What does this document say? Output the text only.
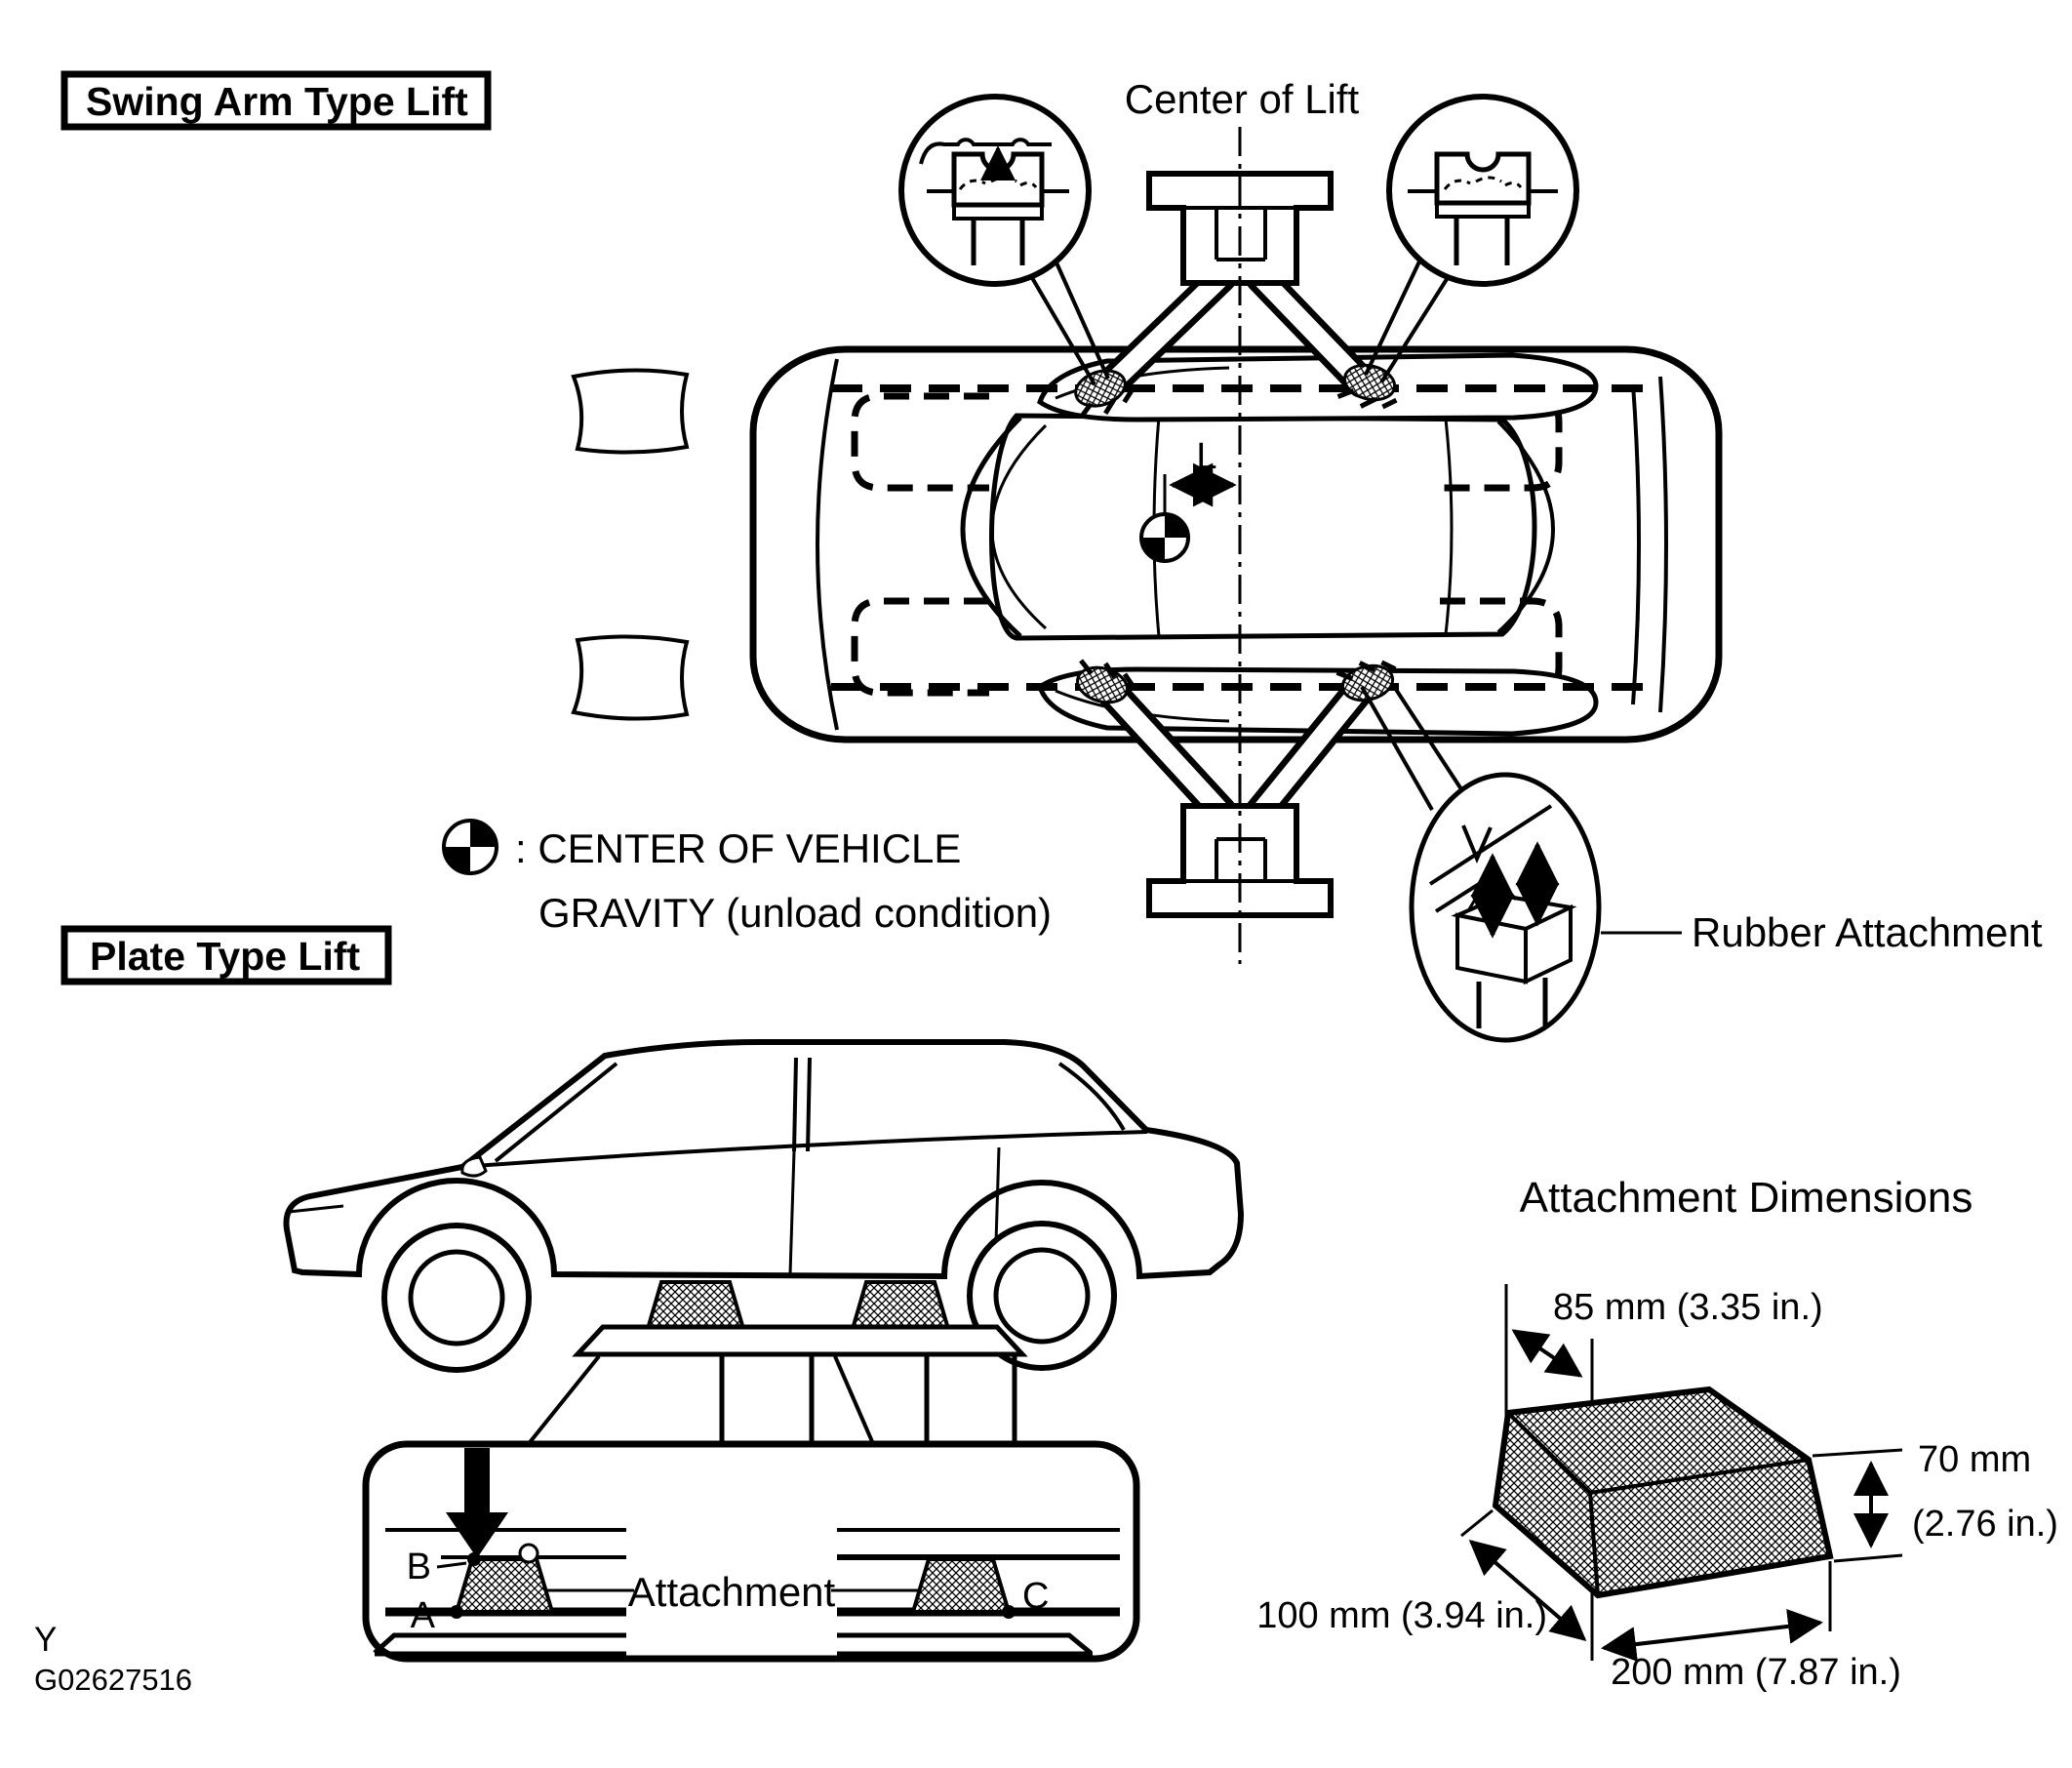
Swing Arm Type Lift	Center of Lift
L
: CENTER OF VEHICLE
GRAVITY (unload condition)	Rubber Attachment
Plate Type Lift
B
A
Attachment	C
Attachment Dimensions
85 mm (3.35 in.)
70 mm
(2.76 in.)
100 mm (3.94 in.)
200 mm (7.87 in.)
Y
G02627516
